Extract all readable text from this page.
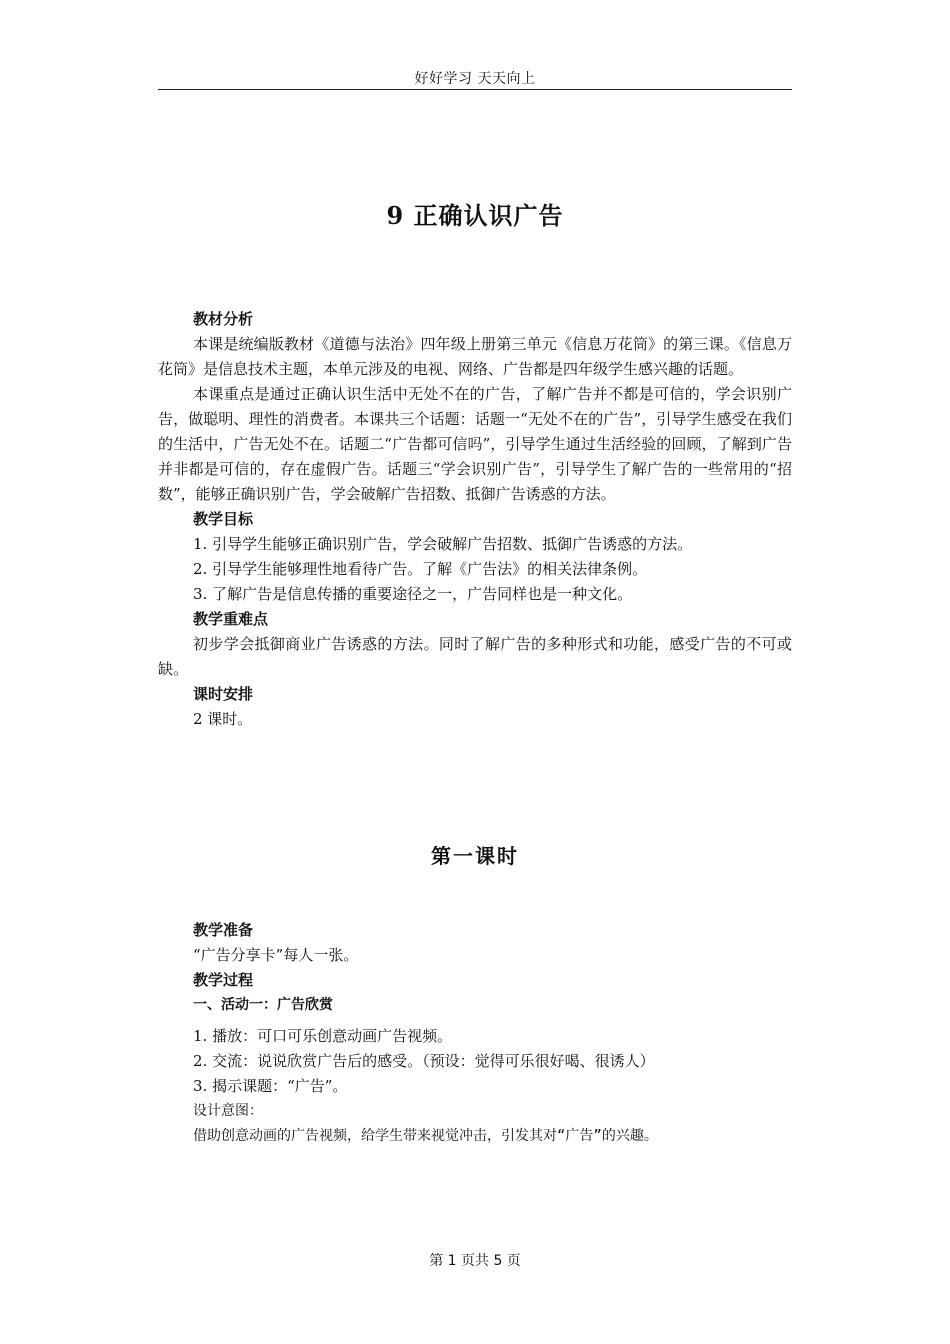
好好学习 天天向上
9 正确认识广告
教材分析
本课是统编版教材《道德与法治》四年级上册第三单元《信息万花筒》的第三课。《信息万花筒》是信息技术主题，本单元涉及的电视、网络、广告都是四年级学生感兴趣的话题。
本课重点是通过正确认识生活中无处不在的广告，了解广告并不都是可信的，学会识别广告，做聪明、理性的消费者。本课共三个话题：话题一“无处不在的广告”，引导学生感受在我们的生活中，广告无处不在。话题二“广告都可信吗”，引导学生通过生活经验的回顾，了解到广告并非都是可信的，存在虚假广告。话题三“学会识别广告”，引导学生了解广告的一些常用的“招数”，能够正确识别广告，学会破解广告招数、抵御广告诱惑的方法。
教学目标
1. 引导学生能够正确识别广告，学会破解广告招数、抵御广告诱惑的方法。
2. 引导学生能够理性地看待广告。了解《广告法》的相关法律条例。
3. 了解广告是信息传播的重要途径之一，广告同样也是一种文化。
教学重难点
初步学会抵御商业广告诱惑的方法。同时了解广告的多种形式和功能，感受广告的不可或缺。
课时安排
2 课时。
第一课时
教学准备
“广告分享卡”每人一张。
教学过程
一、活动一：广告欣赏
1. 播放：可口可乐创意动画广告视频。
2. 交流：说说欣赏广告后的感受。（预设：觉得可乐很好喝、很诱人）
3. 揭示课题：“广告”。
设计意图：
借助创意动画的广告视频，给学生带来视觉冲击，引发其对“广告”的兴趣。
第 1 页共 5 页
